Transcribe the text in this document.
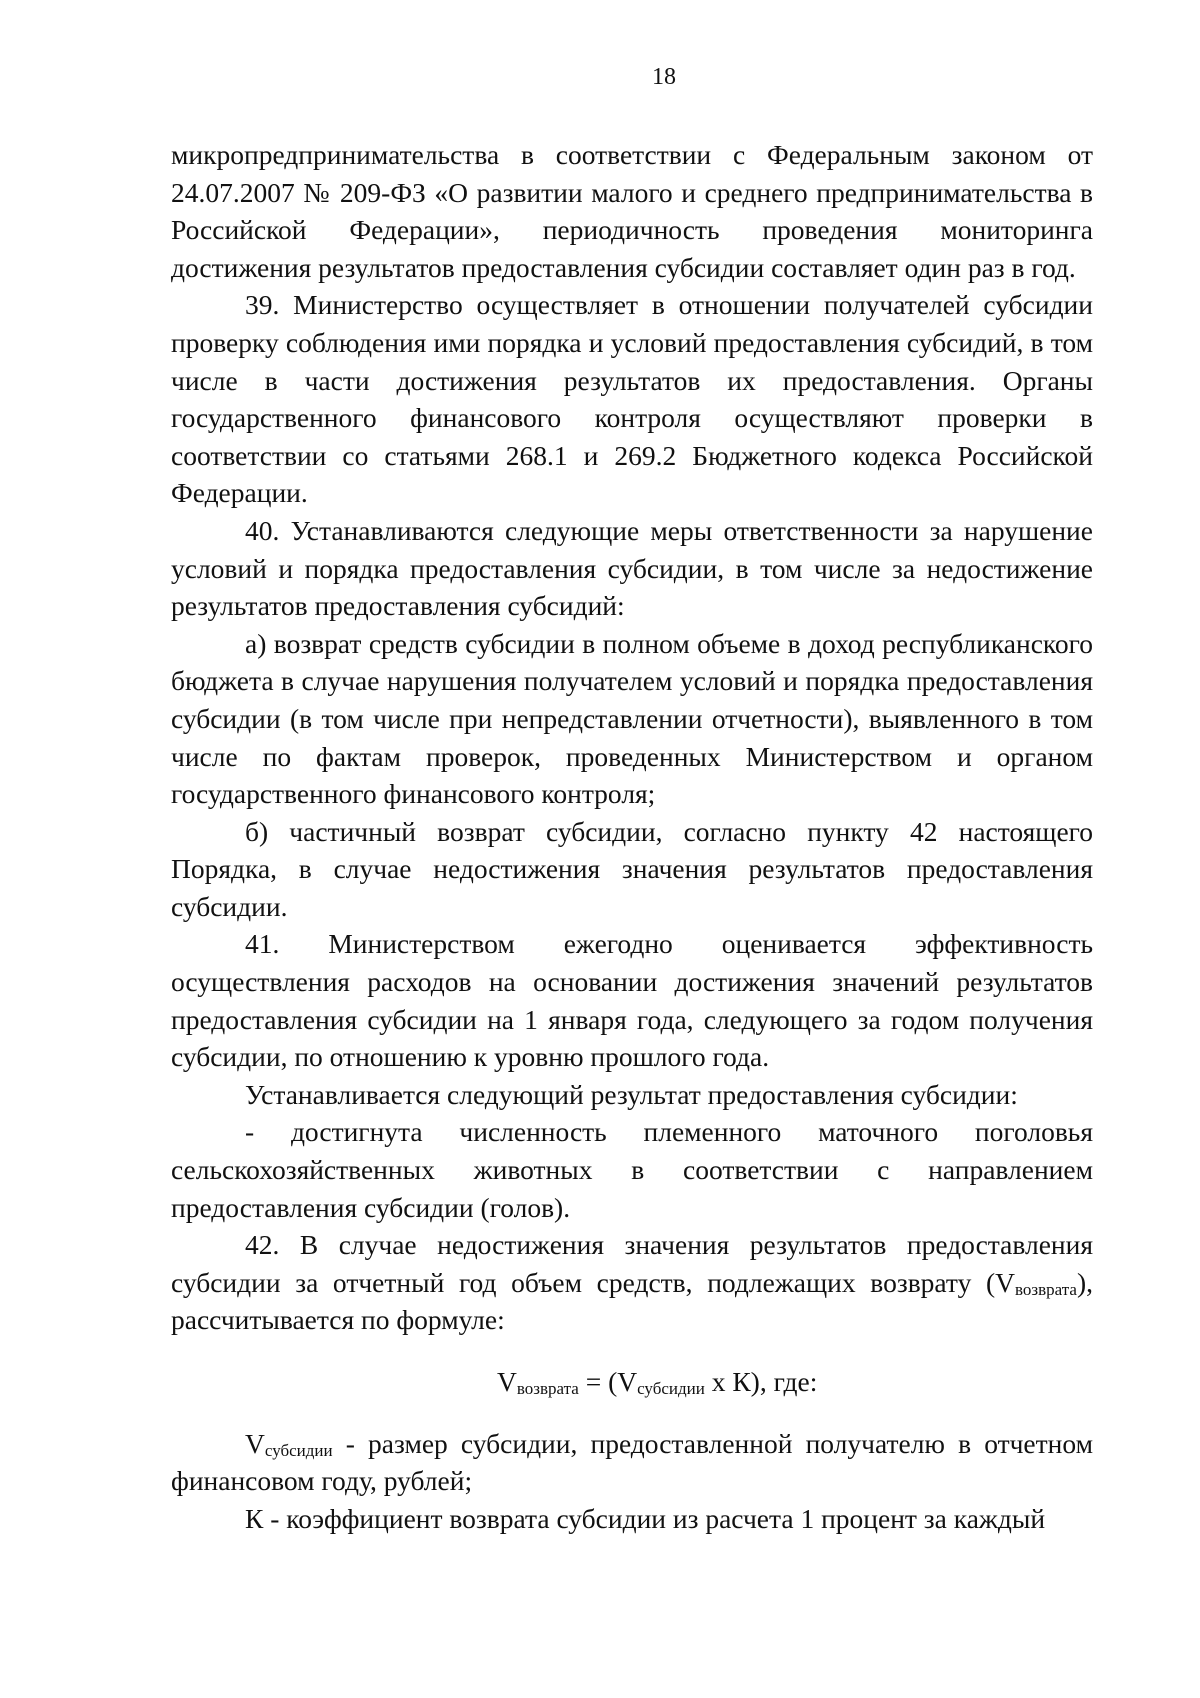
18

микропредпринимательства в соответствии с Федеральным законом от 24.07.2007 № 209-ФЗ «О развитии малого и среднего предпринимательства в Российской Федерации», периодичность проведения мониторинга достижения результатов предоставления субсидии составляет один раз в год.

39. Министерство осуществляет в отношении получателей субсидии проверку соблюдения ими порядка и условий предоставления субсидий, в том числе в части достижения результатов их предоставления. Органы государственного финансового контроля осуществляют проверки в соответствии со статьями 268.1 и 269.2 Бюджетного кодекса Российской Федерации.

40. Устанавливаются следующие меры ответственности за нарушение условий и порядка предоставления субсидии, в том числе за недостижение результатов предоставления субсидий:

а) возврат средств субсидии в полном объеме в доход республиканского бюджета в случае нарушения получателем условий и порядка предоставления субсидии (в том числе при непредставлении отчетности), выявленного в том числе по фактам проверок, проведенных Министерством и органом государственного финансового контроля;

б) частичный возврат субсидии, согласно пункту 42 настоящего Порядка, в случае недостижения значения результатов предоставления субсидии.

41. Министерством ежегодно оценивается эффективность осуществления расходов на основании достижения значений результатов предоставления субсидии на 1 января года, следующего за годом получения субсидии, по отношению к уровню прошлого года.

Устанавливается следующий результат предоставления субсидии:

- достигнута численность племенного маточного поголовья сельскохозяйственных животных в соответствии с направлением предоставления субсидии (голов).

42. В случае недостижения значения результатов предоставления субсидии за отчетный год объем средств, подлежащих возврату (Vвозврата), рассчитывается по формуле:

Vвозврата = (Vсубсидии х К), где:

Vсубсидии - размер субсидии, предоставленной получателю в отчетном финансовом году, рублей;

К - коэффициент возврата субсидии из расчета 1 процент за каждый
